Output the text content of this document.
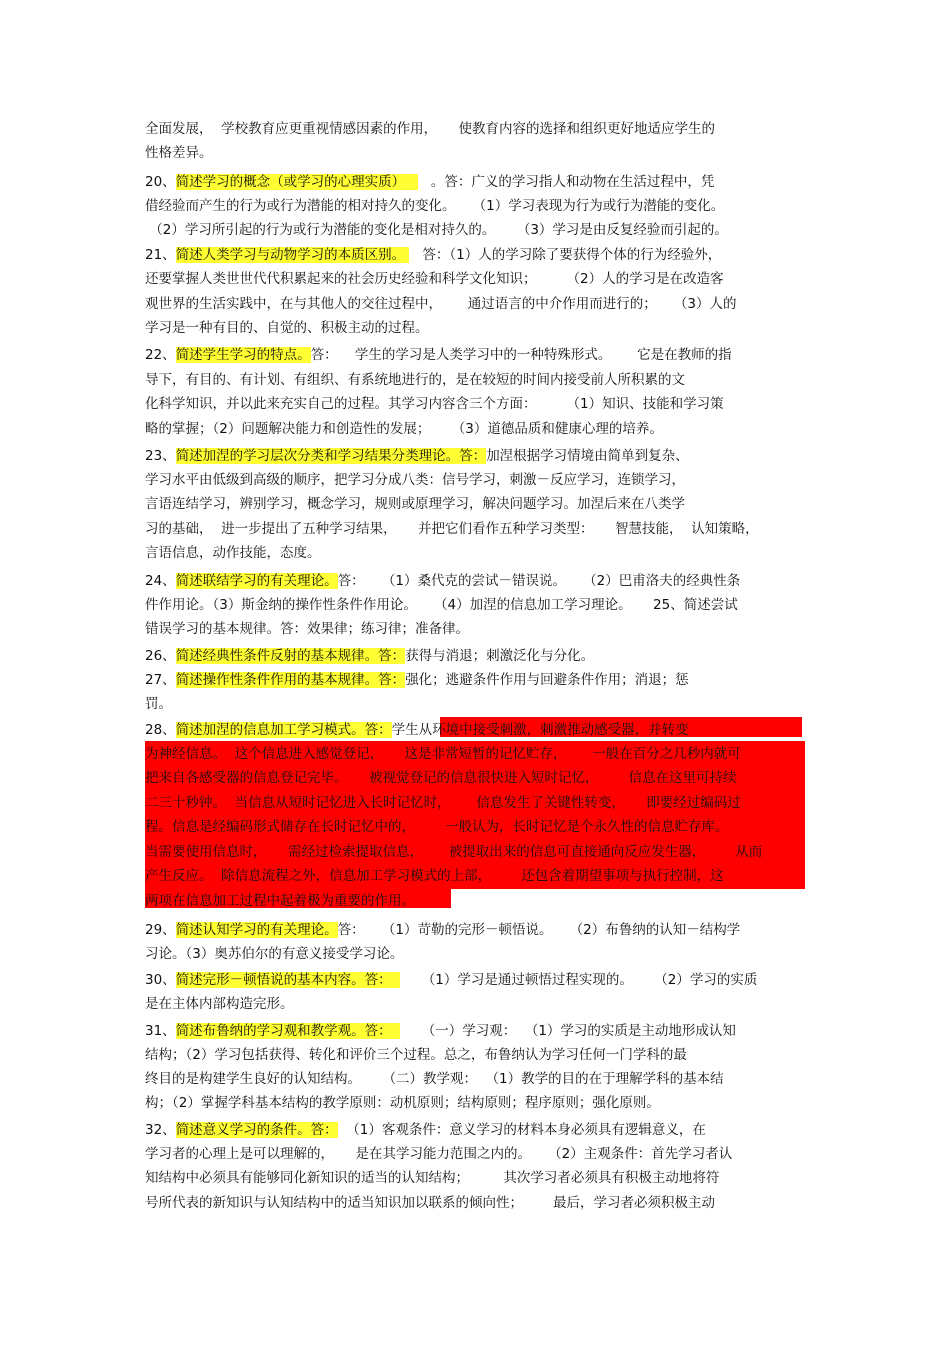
全面发展，  学校教育应更重视情感因素的作用，     使教育内容的选择和组织更好地适应学生的
性格差异。
20、简述学习的概念（或学习的心理实质）      。答：广义的学习指人和动物在生活过程中，凭
借经验而产生的行为或行为潜能的相对持久的变化。    （1）学习表现为行为或行为潜能的变化。
（2）学习所引起的行为或行为潜能的变化是相对持久的。     （3）学习是由反复经验而引起的。
21、简述人类学习与动物学习的本质区别。    答：（1）人的学习除了要获得个体的行为经验外，
还要掌握人类世世代代积累起来的社会历史经验和科学文化知识；       （2）人的学习是在改造客
观世界的生活实践中，在与其他人的交往过程中，      通过语言的中介作用而进行的；    （3）人的
学习是一种有目的、自觉的、积极主动的过程。
22、简述学生学习的特点。答：    学生的学习是人类学习中的一种特殊形式。      它是在教师的指
导下，有目的、有计划、有组织、有系统地进行的，是在较短的时间内接受前人所积累的文
化科学知识，并以此来充实自己的过程。其学习内容含三个方面：       （1）知识、技能和学习策
略的掌握；（2）问题解决能力和创造性的发展；     （3）道德品质和健康心理的培养。
23、简述加涅的学习层次分类和学习结果分类理论。答：加涅根据学习情境由简单到复杂、
学习水平由低级到高级的顺序，把学习分成八类：信号学习，刺激－反应学习，连锁学习，
言语连结学习，辨别学习，概念学习，规则或原理学习，解决问题学习。加涅后来在八类学
习的基础，  进一步提出了五种学习结果，     并把它们看作五种学习类型：     智慧技能，  认知策略，
言语信息，动作技能，态度。
24、简述联结学习的有关理论。答：    （1）桑代克的尝试－错误说。    （2）巴甫洛夫的经典性条
件作用论。（3）斯金纳的操作性条件作用论。    （4）加涅的信息加工学习理论。     25、简述尝试
错误学习的基本规律。答：效果律；练习律；准备律。
26、简述经典性条件反射的基本规律。答：获得与消退；刺激泛化与分化。
27、简述操作性条件作用的基本规律。答：强化；逃避条件作用与回避条件作用；消退；惩
罚。
28、简述加涅的信息加工学习模式。答：学生从环境中接受刺激，刺激推动感受器，并转变
为神经信息。  这个信息进入感觉登记，     这是非常短暂的记忆贮存，      一般在百分之几秒内就可
把来自各感受器的信息登记完毕。     被视觉登记的信息很快进入短时记忆，       信息在这里可持续
二三十秒钟。  当信息从短时记忆进入长时记忆时，      信息发生了关键性转变，     即要经过编码过
程。信息是经编码形式储存在长时记忆中的，       一般认为，长时记忆是个永久性的信息贮存库。
当需要使用信息时，     需经过检索提取信息，      被提取出来的信息可直接通向反应发生器，       从而
产生反应。  除信息流程之外，信息加工学习模式的上部，       还包含着期望事项与执行控制，这
两项在信息加工过程中起着极为重要的作用。
29、简述认知学习的有关理论。答：    （1）苛勒的完形－顿悟说。    （2）布鲁纳的认知－结构学
习论。（3）奥苏伯尔的有意义接受学习论。
30、简述完形－顿悟说的基本内容。答：       （1）学习是通过顿悟过程实现的。     （2）学习的实质
是在主体内部构造完形。
31、简述布鲁纳的学习观和教学观。答：       （一）学习观：  （1）学习的实质是主动地形成认知
结构；（2）学习包括获得、转化和评价三个过程。总之，布鲁纳认为学习任何一门学科的最
终目的是构建学生良好的认知结构。     （二）教学观：  （1）教学的目的在于理解学科的基本结
构；（2）掌握学科基本结构的教学原则：动机原则；结构原则；程序原则；强化原则。
32、简述意义学习的条件。答：  （1）客观条件：意义学习的材料本身必须具有逻辑意义，在
学习者的心理上是可以理解的，     是在其学习能力范围之内的。    （2）主观条件：首先学习者认
知结构中必须具有能够同化新知识的适当的认知结构；        其次学习者必须具有积极主动地将符
号所代表的新知识与认知结构中的适当知识加以联系的倾向性；       最后，学习者必须积极主动
